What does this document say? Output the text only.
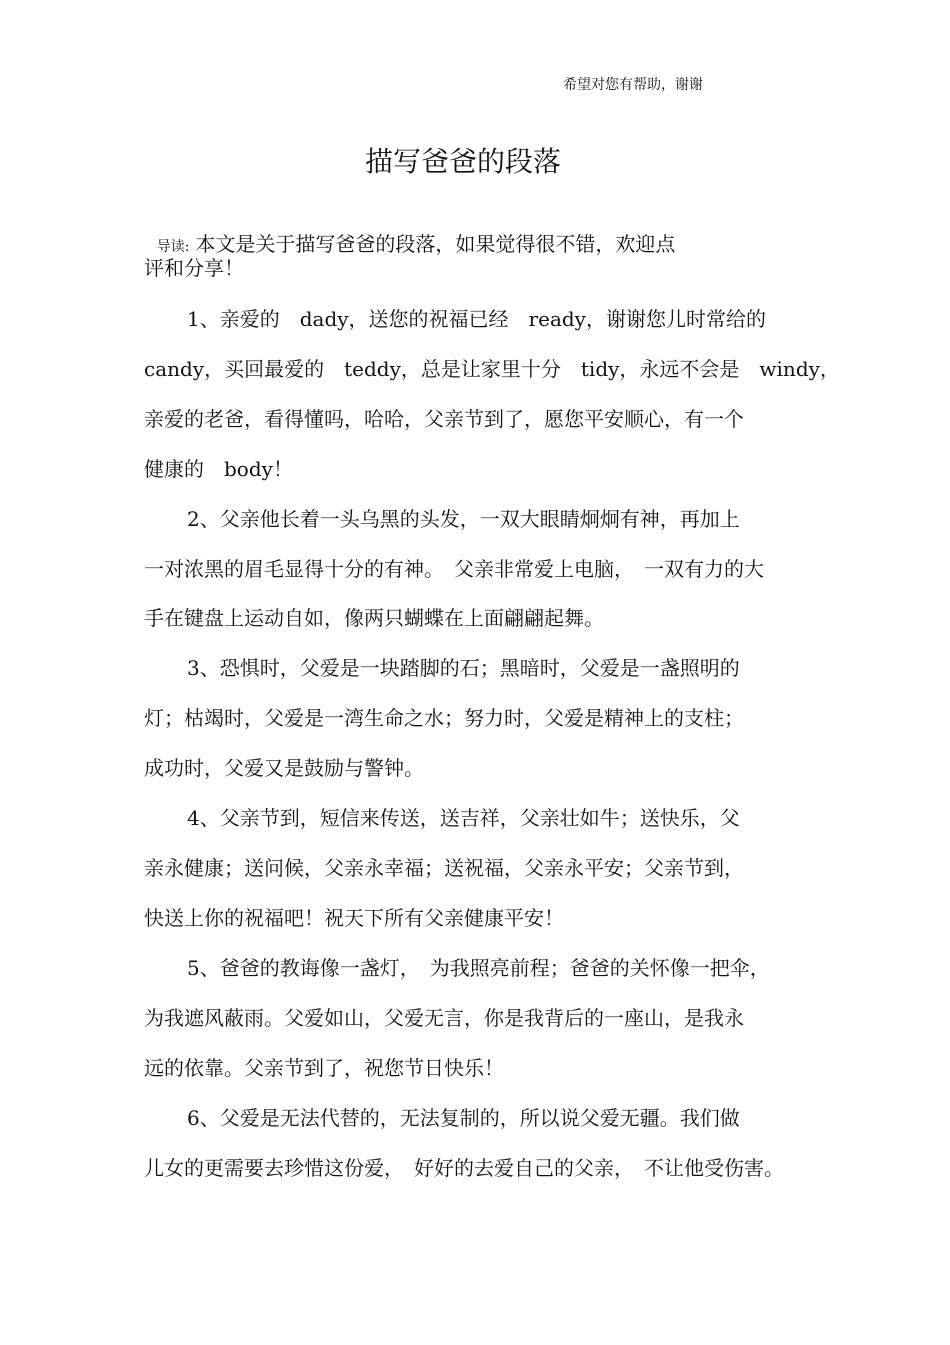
希望对您有帮助，谢谢
描写爸爸的段落

导读: 本文是关于描写爸爸的段落，如果觉得很不错，欢迎点

评和分享！
1、亲爱的　dady，送您的祝福已经　ready，谢谢您儿时常给的
candy，买回最爱的　teddy，总是让家里十分　tidy，永远不会是　windy，
亲爱的老爸，看得懂吗，哈哈，父亲节到了，愿您平安顺心，有一个
健康的　body！
2、父亲他长着一头乌黑的头发，一双大眼睛炯炯有神，再加上
一对浓黑的眉毛显得十分的有神。　父亲非常爱上电脑，　一双有力的大
手在键盘上运动自如，像两只蝴蝶在上面翩翩起舞。
3、恐惧时，父爱是一块踏脚的石；黑暗时，父爱是一盏照明的
灯；枯竭时，父爱是一湾生命之水；努力时，父爱是精神上的支柱；
成功时，父爱又是鼓励与警钟。
4、父亲节到，短信来传送，送吉祥，父亲壮如牛；送快乐，父
亲永健康；送问候，父亲永幸福；送祝福，父亲永平安；父亲节到，
快送上你的祝福吧！祝天下所有父亲健康平安！
5、爸爸的教诲像一盏灯，　为我照亮前程；爸爸的关怀像一把伞，
为我遮风蔽雨。父爱如山，父爱无言，你是我背后的一座山，是我永
远的依靠。父亲节到了，祝您节日快乐！
6、父爱是无法代替的，无法复制的，所以说父爱无疆。我们做
儿女的更需要去珍惜这份爱，　好好的去爱自己的父亲，　不让他受伤害。
